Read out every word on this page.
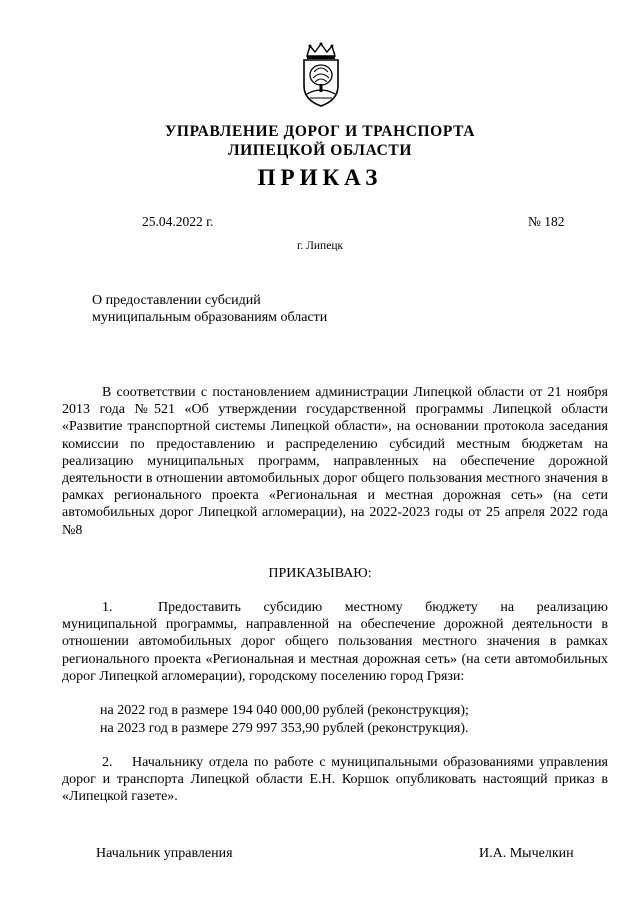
УПРАВЛЕНИЕ ДОРОГ И ТРАНСПОРТА
ЛИПЕЦКОЙ ОБЛАСТИ
ПРИКАЗ
25.04.2022 г.	№ 182
г. Липецк
О предоставлении субсидий
муниципальным образованиям области
В соответствии с постановлением администрации Липецкой области от 21 ноября 2013 года №521 «Об утверждении государственной программы Липецкой области «Развитие транспортной системы Липецкой области», на основании протокола заседания комиссии по предоставлению и распределению субсидий местным бюджетам на реализацию муниципальных программ, направленных на обеспечение дорожной деятельности в отношении автомобильных дорог общего пользования местного значения в рамках регионального проекта «Региональная и местная дорожная сеть» (на сети автомобильных дорог Липецкой агломерации), на 2022-2023 годы от 25 апреля 2022 года №8
ПРИКАЗЫВАЮ:
1.	Предоставить субсидию местному бюджету на реализацию муниципальной программы, направленной на обеспечение дорожной деятельности в отношении автомобильных дорог общего пользования местного значения в рамках регионального проекта «Региональная и местная дорожная сеть» (на сети автомобильных дорог Липецкой агломерации), городскому поселению город Грязи:
на 2022 год в размере 194 040 000,00 рублей (реконструкция);
на 2023 год в размере 279 997 353,90 рублей (реконструкция).
2. Начальнику отдела по работе с муниципальными образованиями управления дорог и транспорта Липецкой области Е.Н. Коршок опубликовать настоящий приказ в «Липецкой газете».
Начальник управления	И.А. Мычелкин
